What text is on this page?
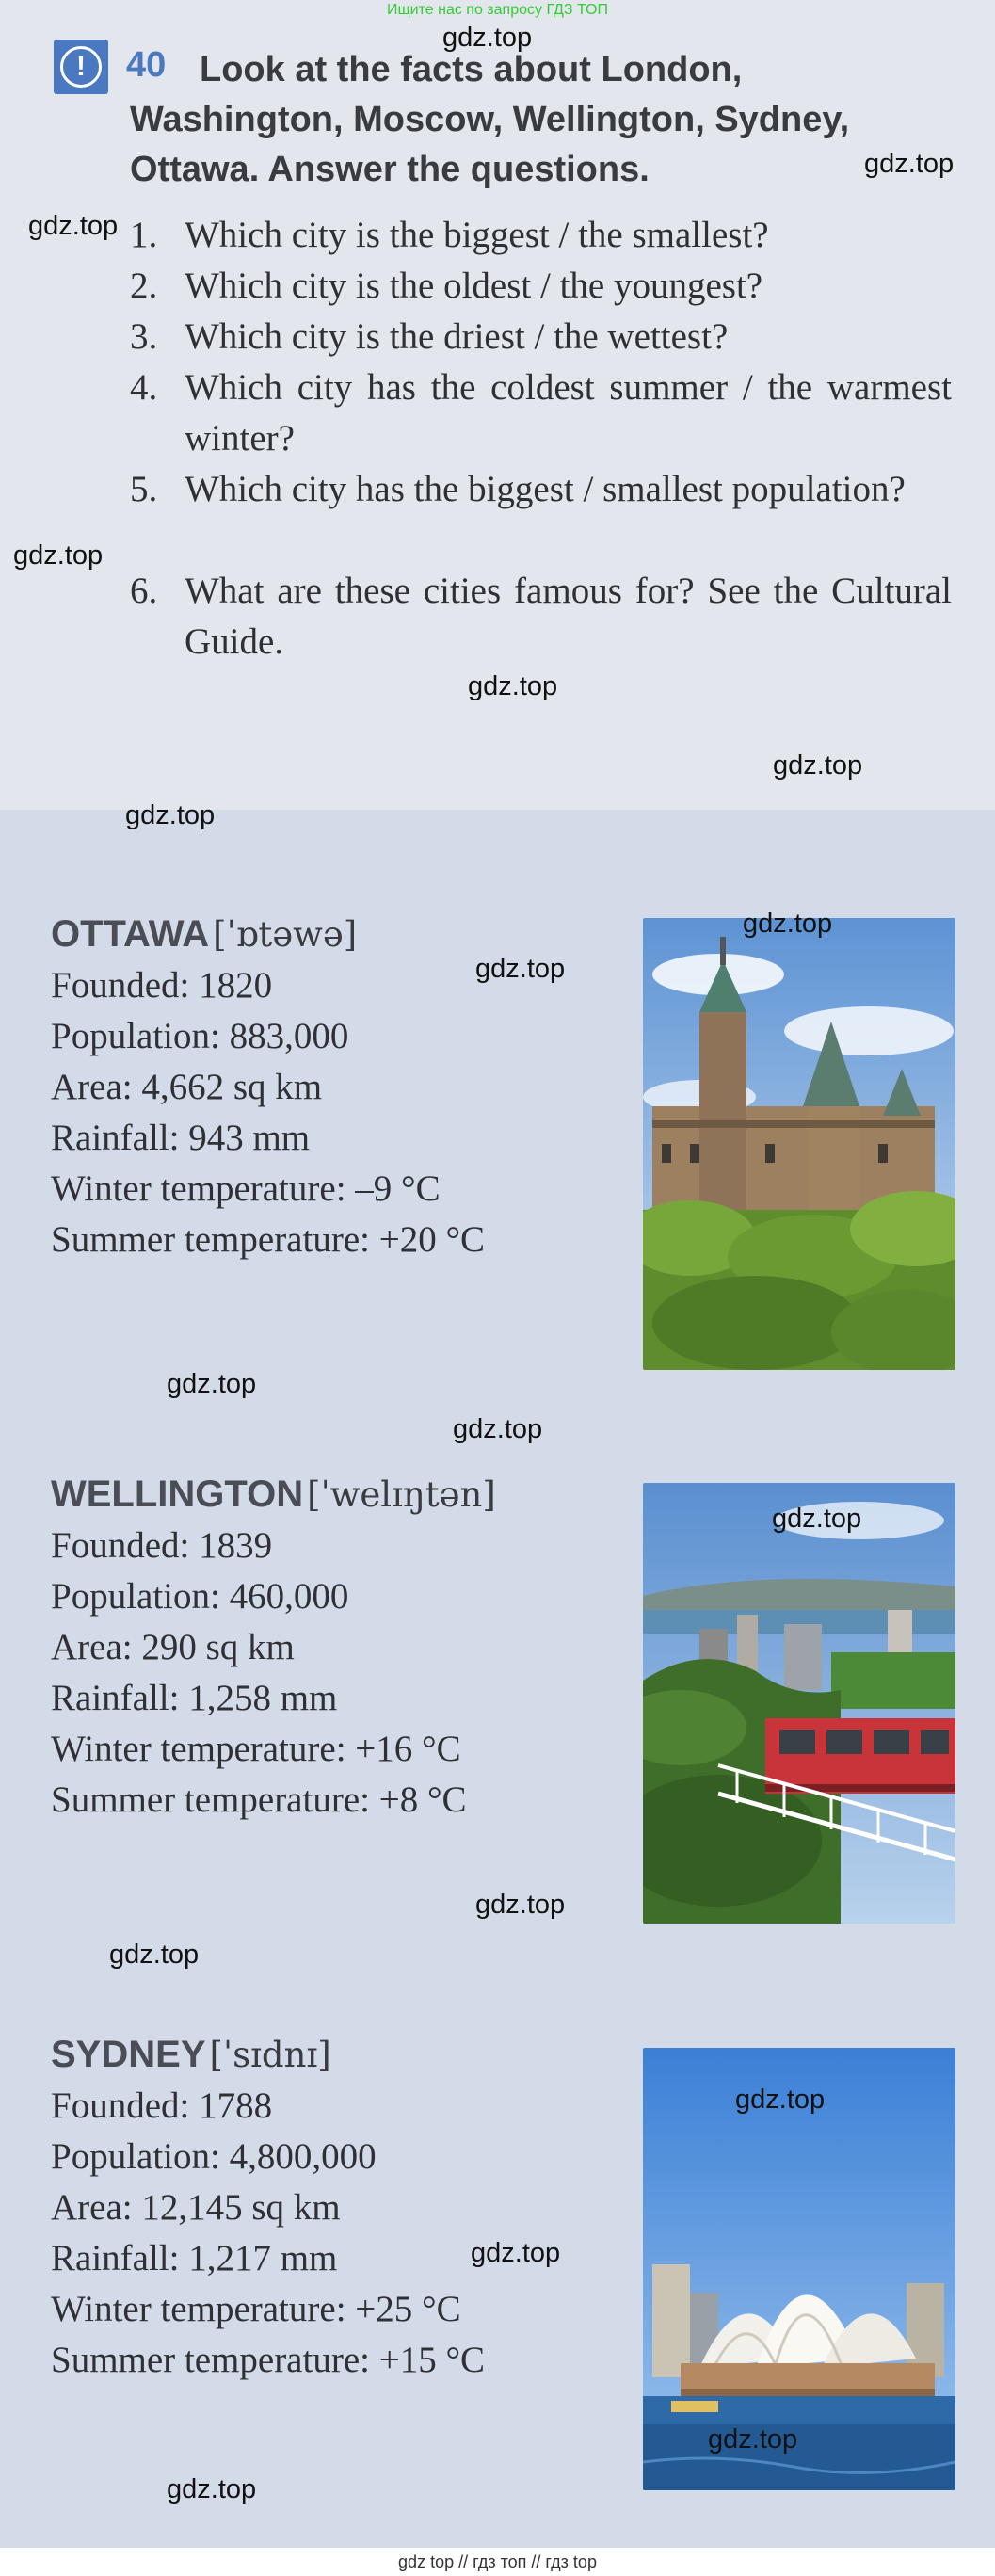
!	40 Look at the facts about London, Washington, Moscow, Wellington, Sydney, Ottawa. Answer the questions.
1. Which city is the biggest / the smallest?
2. Which city is the oldest / the youngest?
3. Which city is the driest / the wettest?
4. Which city has the coldest summer / the warmest winter?
5. Which city has the biggest / smallest population?
6. What are these cities famous for? See the Cultural Guide.
OTTAWA [ˈɒtəwə]
Founded: 1820
Population: 883,000
Area: 4,662 sq km
Rainfall: 943 mm
Winter temperature: –9 °C
Summer temperature: +20 °C
WELLINGTON [ˈwelɪŋtən]
Founded: 1839
Population: 460,000
Area: 290 sq km
Rainfall: 1,258 mm
Winter temperature: +16 °C
Summer temperature: +8 °C
SYDNEY [ˈsɪdnɪ]
Founded: 1788
Population: 4,800,000
Area: 12,145 sq km
Rainfall: 1,217 mm
Winter temperature: +25 °C
Summer temperature: +15 °C
gdz.top
gdz.top
gdz.top
gdz.top
gdz.top
gdz.top
gdz.top
gdz.top
gdz.top
gdz.top
gdz.top
gdz.top
gdz.top
gdz.top
gdz.top
gdz.top
gdz.top
gdz.top
Ищите нас по запросу ГДЗ ТОП
gdz top // гдз топ // гдз top
